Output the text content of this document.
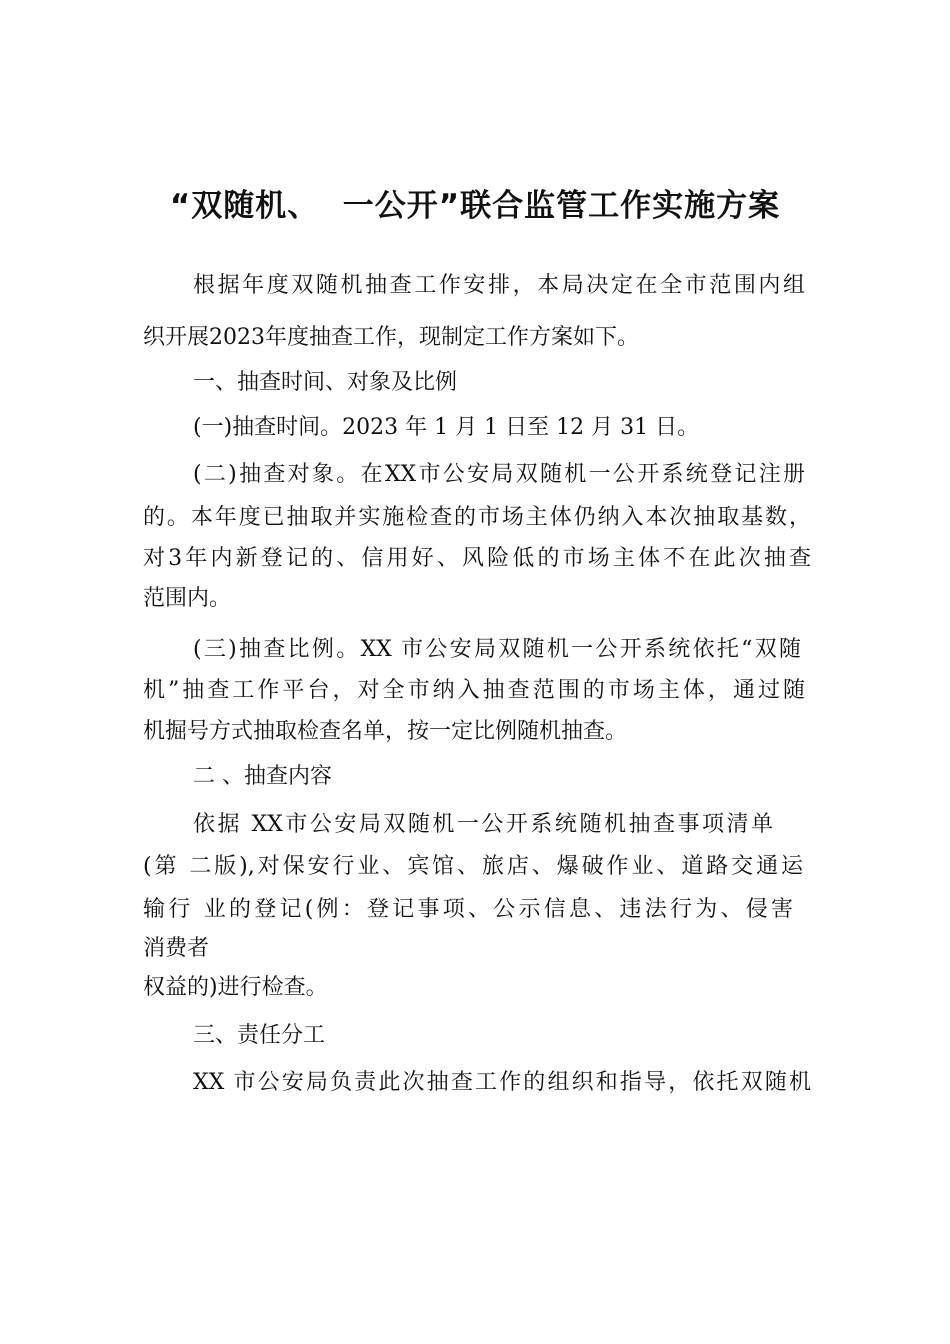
“双随机、  一公开”联合监管工作实施方案

根据年度双随机抽查工作安排，本局决定在全市范围内组

织开展2023年度抽查工作，现制定工作方案如下。

一、抽查时间、对象及比例

(一)抽查时间。2023 年 1 月 1 日至 12 月 31 日。

(二)抽查对象。在XX市公安局双随机一公开系统登记注册

的。本年度已抽取并实施检查的市场主体仍纳入本次抽取基数，

对3年内新登记的、信用好、风险低的市场主体不在此次抽查

范围内。

(三)抽查比例。XX 市公安局双随机一公开系统依托“双随

机”抽查工作平台，对全市纳入抽查范围的市场主体，通过随

机掘号方式抽取检查名单，按一定比例随机抽查。

二 、抽查内容

依据 XX市公安局双随机一公开系统随机抽查事项清单

(第 二版),对保安行业、宾馆、旅店、爆破作业、道路交通运

输行 业的登记(例：登记事项、公示信息、违法行为、侵害

消费者

权益的)进行检查。

三、责任分工

XX 市公安局负责此次抽查工作的组织和指导，依托双随机
